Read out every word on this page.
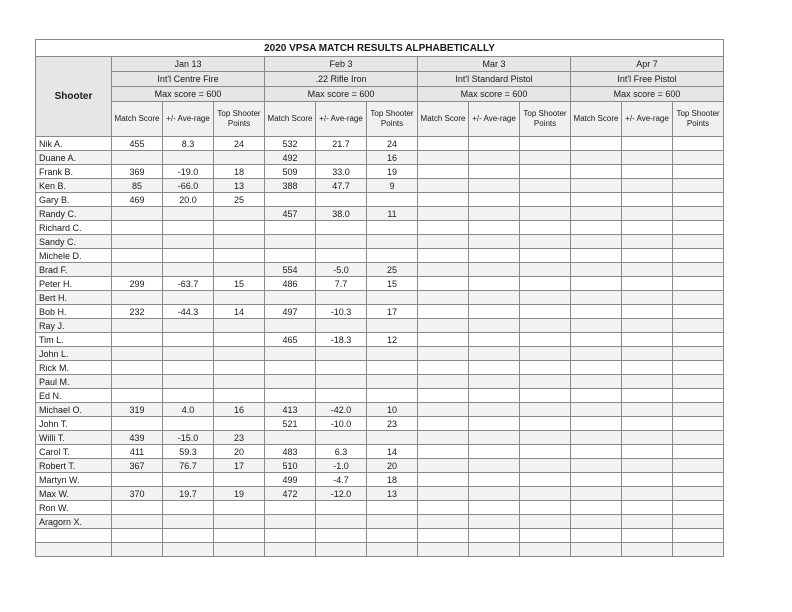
2020 VPSA MATCH RESULTS ALPHABETICALLY												
Shooter	Jan 13			Feb 3			Mar 3			Apr 7		
	Int'l Centre Fire			.22 Rifle Iron			Int'l Standard Pistol			Int'l Free Pistol		
	Max score = 600			Max score = 600			Max score = 600			Max score = 600		
	Match Score	+/- Ave-rage	Top Shooter Points	Match Score	+/- Ave-rage	Top Shooter Points	Match Score	+/- Ave-rage	Top Shooter Points	Match Score	+/- Ave-rage	Top Shooter Points
Nik A.	455	8.3	24	532	21.7	24						
Duane A.				492		16						
Frank B.	369	-19.0	18	509	33.0	19						
Ken B.	85	-66.0	13	388	47.7	9						
Gary B.	469	20.0	25									
Randy C.				457	38.0	11						
Richard C.												
Sandy C.												
Michele D.												
Brad F.				554	-5.0	25						
Peter H.	299	-63.7	15	486	7.7	15						
Bert H.												
Bob H.	232	-44.3	14	497	-10.3	17						
Ray J.												
Tim L.				465	-18.3	12						
John L.												
Rick M.												
Paul M.												
Ed N.												
Michael O.	319	4.0	16	413	-42.0	10						
John T.				521	-10.0	23						
Willi T.	439	-15.0	23									
Carol T.	411	59.3	20	483	6.3	14						
Robert T.	367	76.7	17	510	-1.0	20						
Martyn W.				499	-4.7	18						
Max W.	370	19.7	19	472	-12.0	13						
Ron W.												
Aragorn X.												
